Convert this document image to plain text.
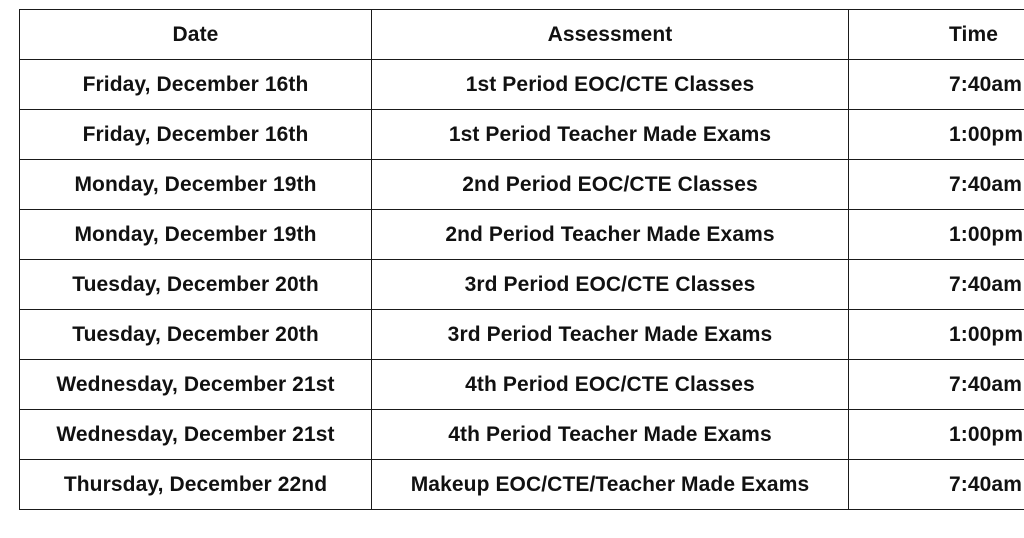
Date	Assessment	Time
Friday, December 16th	1st Period EOC/CTE Classes	7:40am
Friday, December 16th	1st Period Teacher Made Exams	1:00pm
Monday, December 19th	2nd Period EOC/CTE Classes	7:40am
Monday, December 19th	2nd Period Teacher Made Exams	1:00pm
Tuesday, December 20th	3rd Period EOC/CTE Classes	7:40am
Tuesday, December 20th	3rd Period Teacher Made Exams	1:00pm
Wednesday, December 21st	4th Period EOC/CTE Classes	7:40am
Wednesday, December 21st	4th Period Teacher Made Exams	1:00pm
Thursday, December 22nd	Makeup EOC/CTE/Teacher Made Exams	7:40am
